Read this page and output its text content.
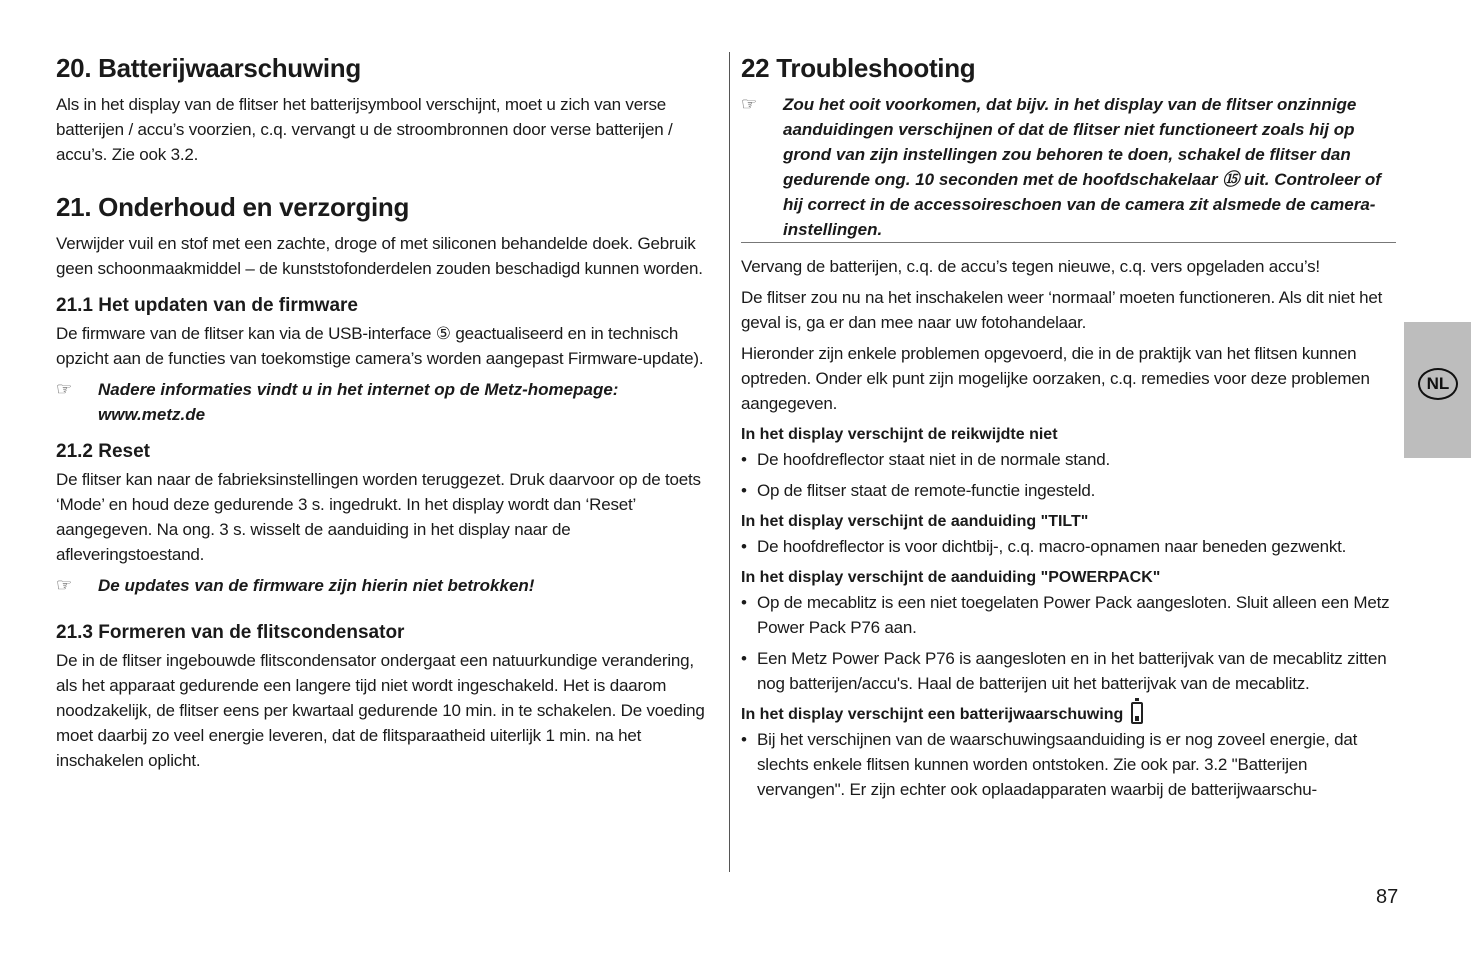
20. Batterijwaarschuwing

Als in het display van de flitser het batterijsymbool verschijnt, moet u zich van verse batterijen / accu’s voorzien, c.q. vervangt u de stroombronnen door verse batterijen / accu’s. Zie ook 3.2.

21. Onderhoud en verzorging

Verwijder vuil en stof met een zachte, droge of met siliconen behandelde doek. Gebruik geen schoonmaakmiddel – de kunststofonderdelen zouden beschadigd kunnen worden.

21.1 Het updaten van de firmware

De firmware van de flitser kan via de USB-interface ⑤ geactualiseerd en in technisch opzicht aan de functies van toekomstige camera’s worden aangepast Firmware-update).

☞	Nadere informaties vindt u in het internet op de Metz-homepage: www.metz.de
21.2 Reset

De flitser kan naar de fabrieksinstellingen worden teruggezet. Druk daarvoor op de toets ‘Mode’ en houd deze gedurende 3 s. ingedrukt. In het display wordt dan ‘Reset’ aangegeven. Na ong. 3 s. wisselt de aanduiding in het display naar de afleveringstoestand.

☞	De updates van de firmware zijn hierin niet betrokken!
21.3 Formeren van de flitscondensator

De in de flitser ingebouwde flitscondensator ondergaat een natuurkundige verandering, als het apparaat gedurende een langere tijd niet wordt ingeschakeld. Het is daarom noodzakelijk, de flitser eens per kwartaal gedurende 10 min. in te schakelen. De voeding moet daarbij zo veel energie leveren, dat de flitsparaatheid uiterlijk 1 min. na het inschakelen oplicht.

22 Troubleshooting
☞	Zou het ooit voorkomen, dat bijv. in het display van de flitser onzinnige aanduidingen verschijnen of dat de flitser niet functioneert zoals hij op grond van zijn instellingen zou behoren te doen, schakel de flitser dan gedurende ong. 10 seconden met de hoofdschakelaar ⑮ uit. Controleer of hij correct in de accessoireschoen van de camera zit alsmede de camera-instellingen.

Vervang de batterijen, c.q. de accu’s tegen nieuwe, c.q. vers opgeladen accu’s!

De flitser zou nu na het inschakelen weer ‘normaal’ moeten functioneren. Als dit niet het geval is, ga er dan mee naar uw fotohandelaar.

Hieronder zijn enkele problemen opgevoerd, die in de praktijk van het flitsen kunnen optreden. Onder elk punt zijn mogelijke oorzaken, c.q. remedies voor deze problemen aangegeven.

In het display verschijnt de reikwijdte niet
• De hoofdreflector staat niet in de normale stand.
• Op de flitser staat de remote-functie ingesteld.
In het display verschijnt de aanduiding "TILT"
• De hoofdreflector is voor dichtbij-, c.q. macro-opnamen naar beneden gezwenkt.
In het display verschijnt de aanduiding "POWERPACK"
• Op de mecablitz is een niet toegelaten Power Pack aangesloten. Sluit alleen een Metz Power Pack P76 aan.
• Een Metz Power Pack P76 is aangesloten en in het batterijvak van de mecablitz zitten nog batterijen/accu's. Haal de batterijen uit het batterijvak van de mecablitz.
In het display verschijnt een batterijwaarschuwing
• Bij het verschijnen van de waarschuwingsaanduiding is er nog zoveel energie, dat slechts enkele flitsen kunnen worden ontstoken. Zie ook par. 3.2 "Batterijen vervangen". Er zijn echter ook oplaadapparaten waarbij de batterijwaarschu-
NL
87
